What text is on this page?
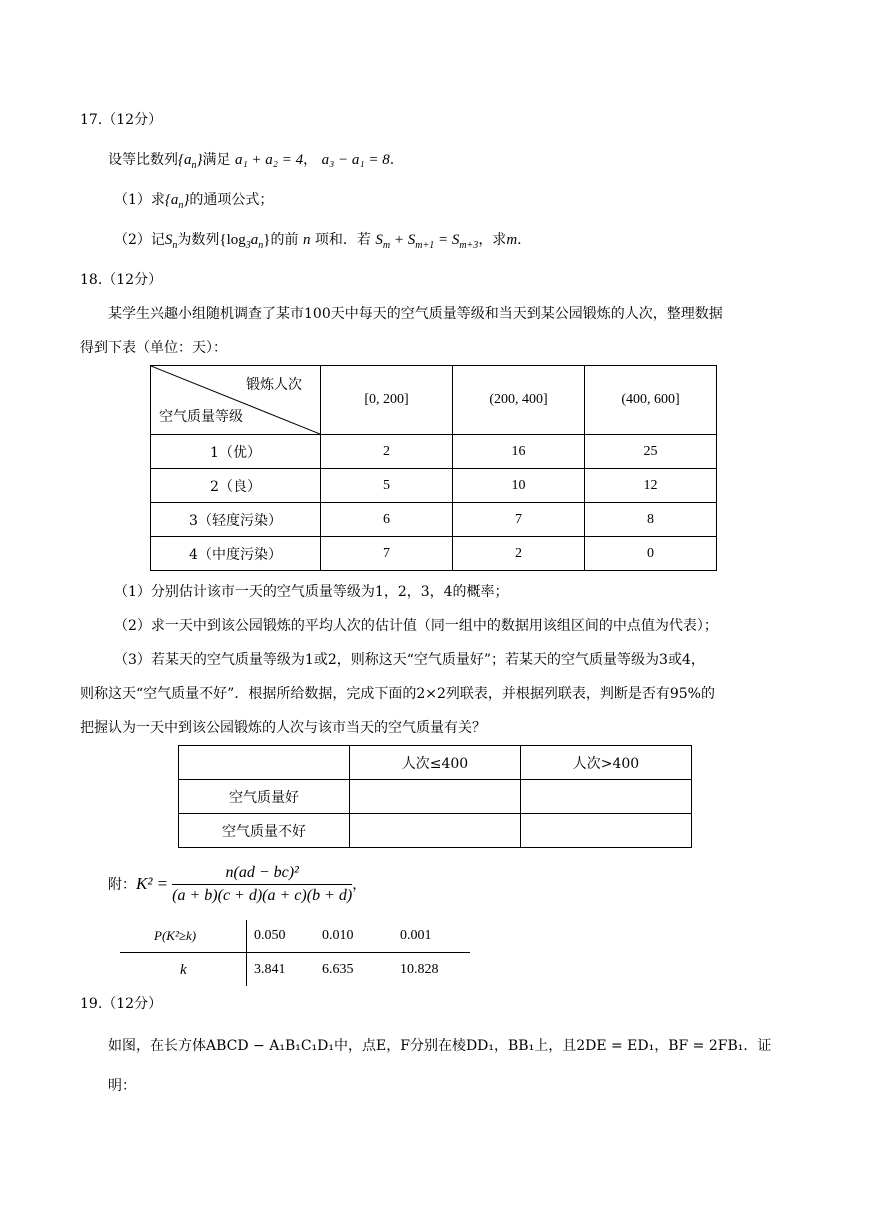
17.（12分）
设等比数列$\{a_n\}$满足 a₁ + a₂ = 4， a₃ − a₁ = 8.
（1）求$\{a_n\}$的通项公式；
（2）记$S_n$为数列$\{\log_3a_n\}$的前 n 项和．若 $S_m + S_{m+1} = S_{m+3}$，求m.
18.（12分）
某学生兴趣小组随机调查了某市100天中每天的空气质量等级和当天到某公园锻炼的人次，整理数据
得到下表（单位：天）：
锻炼人次
空气质量等级	[0, 200]	(200, 400]	(400, 600]
1（优）	2	16	25
2（良）	5	10	12
3（轻度污染）	6	7	8
4（中度污染）	7	2	0
（1）分别估计该市一天的空气质量等级为1，2，3，4的概率；
（2）求一天中到该公园锻炼的平均人次的估计值（同一组中的数据用该组区间的中点值为代表）；
（3）若某天的空气质量等级为1或2，则称这天“空气质量好”；若某天的空气质量等级为3或4，
则称这天“空气质量不好”．根据所给数据，完成下面的2×2列联表，并根据列联表，判断是否有95%的
把握认为一天中到该公园锻炼的人次与该市当天的空气质量有关？
	人次≤400	人次>400
空气质量好		
空气质量不好		
附： $K^2 = \frac{\text{n(ad − bc)²}}{(a + b)(c + d)(a + c)(b + d)}$ ，
P(K²≥k)	0.050	0.010	0.001
k	3.841	6.635	10.828
19.（12分）
如图，在长方体ABCD − A₁B₁C₁D₁中，点E，F分别在棱DD₁，BB₁上，且2DE = ED₁，BF = 2FB₁．证
明：
